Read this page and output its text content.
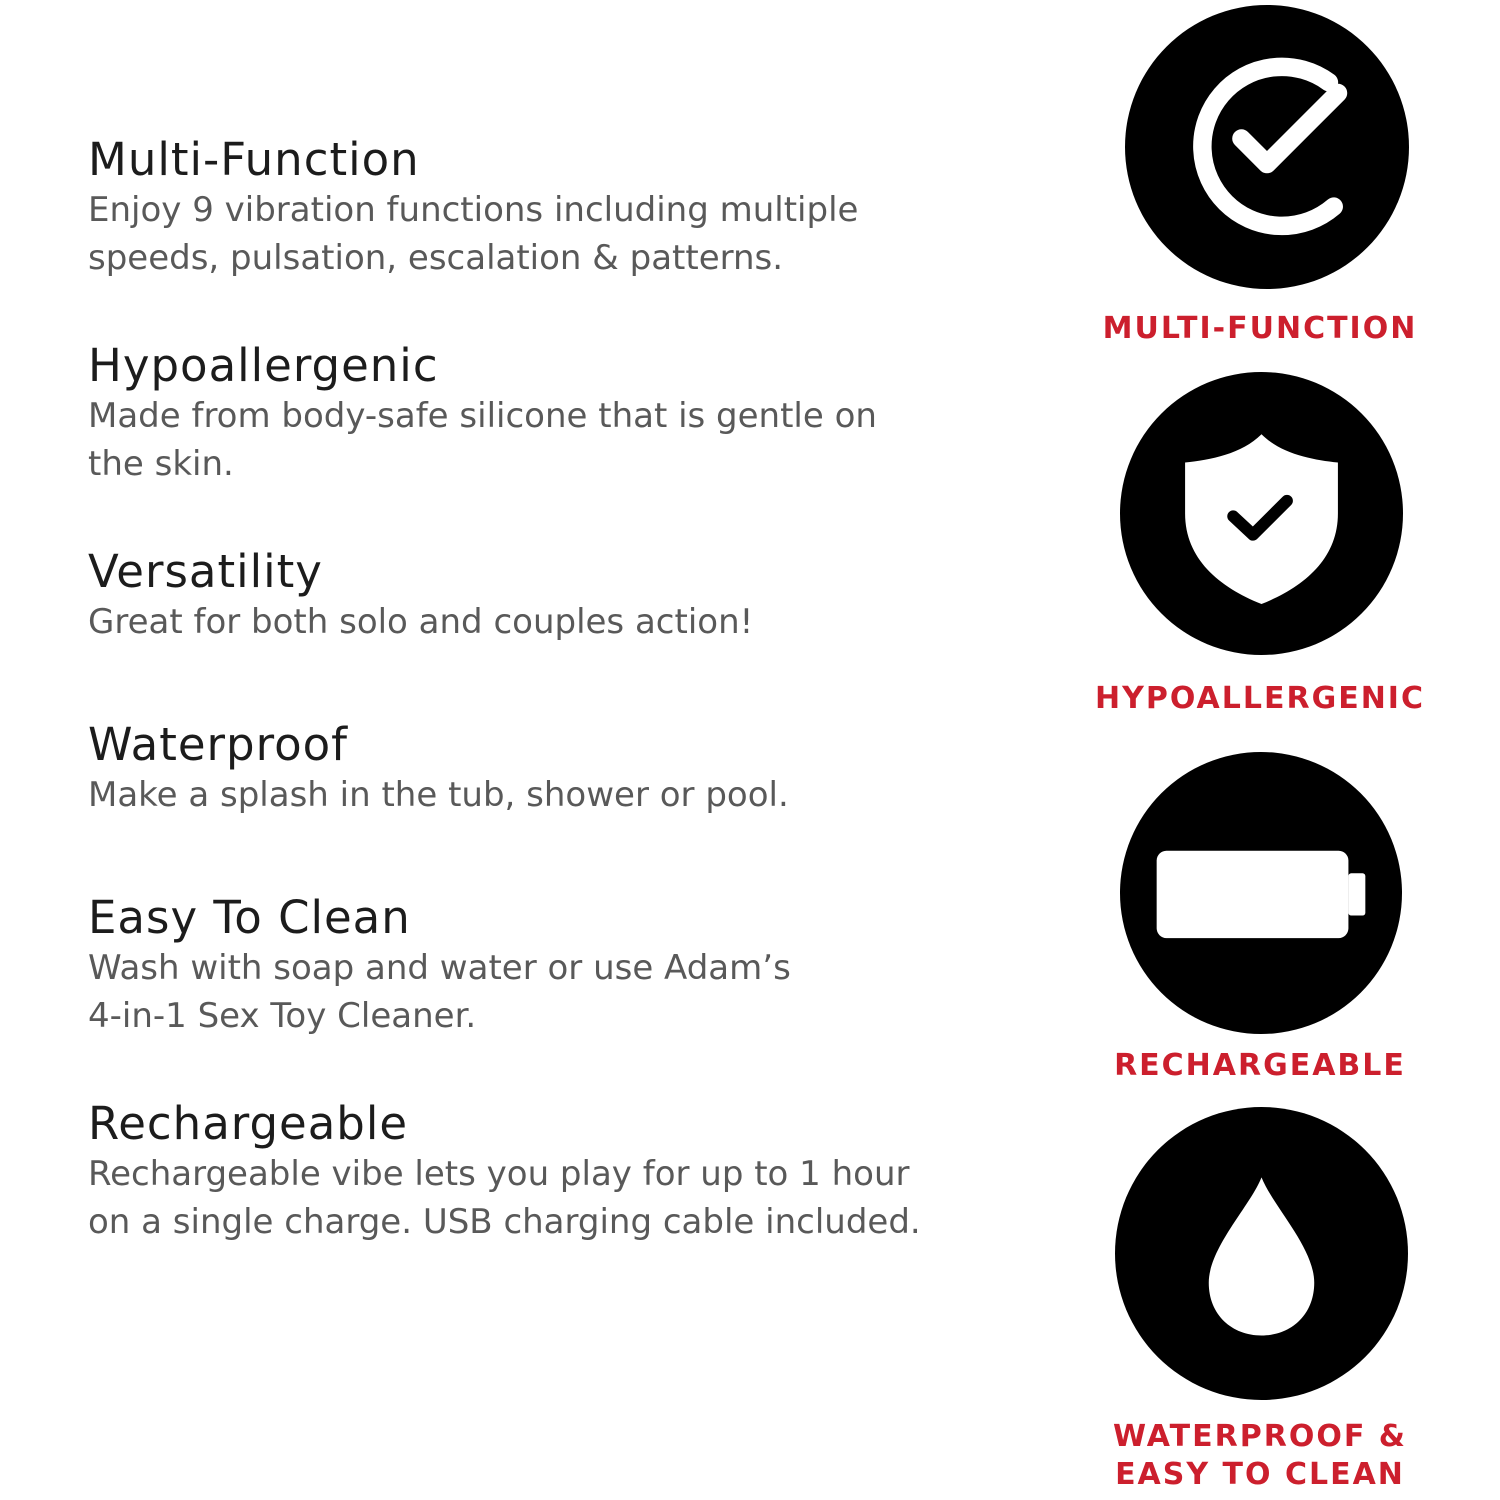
Multi-Function

Enjoy 9 vibration functions including multiple

speeds, pulsation, escalation & patterns.

Hypoallergenic

Made from body-safe silicone that is gentle on

the skin.

Versatility

Great for both solo and couples action!

Waterproof

Make a splash in the tub, shower or pool.

Easy To Clean

Wash with soap and water or use Adam’s

4-in-1 Sex Toy Cleaner.

Rechargeable

Rechargeable vibe lets you play for up to 1 hour

on a single charge. USB charging cable included.

MULTI-FUNCTION
HYPOALLERGENIC
RECHARGEABLE
WATERPROOF &
EASY TO CLEAN
